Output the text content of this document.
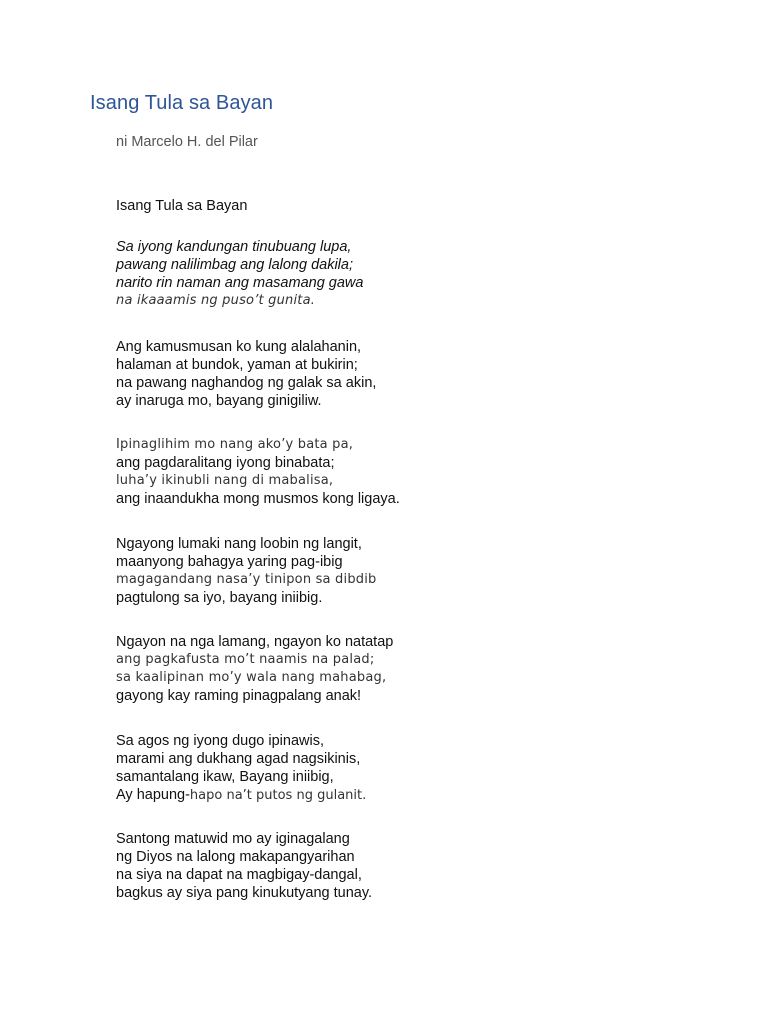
Isang Tula sa Bayan
ni Marcelo H. del Pilar
Isang Tula sa Bayan
Sa iyong kandungan tinubuang lupa,
pawang nalilimbag ang lalong dakila;
narito rin naman ang masamang gawa
na ikaaamis ng puso’t gunita.
Ang kamusmusan ko kung alalahanin,
halaman at bundok, yaman at bukirin;
na pawang naghandog ng galak sa akin,
ay inaruga mo, bayang ginigiliw.
Ipinaglihim mo nang ako’y bata pa,
ang pagdaralitang iyong binabata;
luha’y ikinubli nang di mabalisa,
ang inaandukha mong musmos kong ligaya.
Ngayong lumaki nang loobin ng langit,
maanyong bahagya yaring pag-ibig
magagandang nasa’y tinipon sa dibdib
pagtulong sa iyo, bayang iniibig.
Ngayon na nga lamang, ngayon ko natatap
ang pagkafusta mo’t naamis na palad;
sa kaalipinan mo’y wala nang mahabag,
gayong kay raming pinagpalang anak!
Sa agos ng iyong dugo ipinawis,
marami ang dukhang agad nagsikinis,
samantalang ikaw, Bayang iniibig,
Ay hapung-hapo na’t putos ng gulanit.
Santong matuwid mo ay iginagalang
ng Diyos na lalong makapangyarihan
na siya na dapat na magbigay-dangal,
bagkus ay siya pang kinukutyang tunay.
